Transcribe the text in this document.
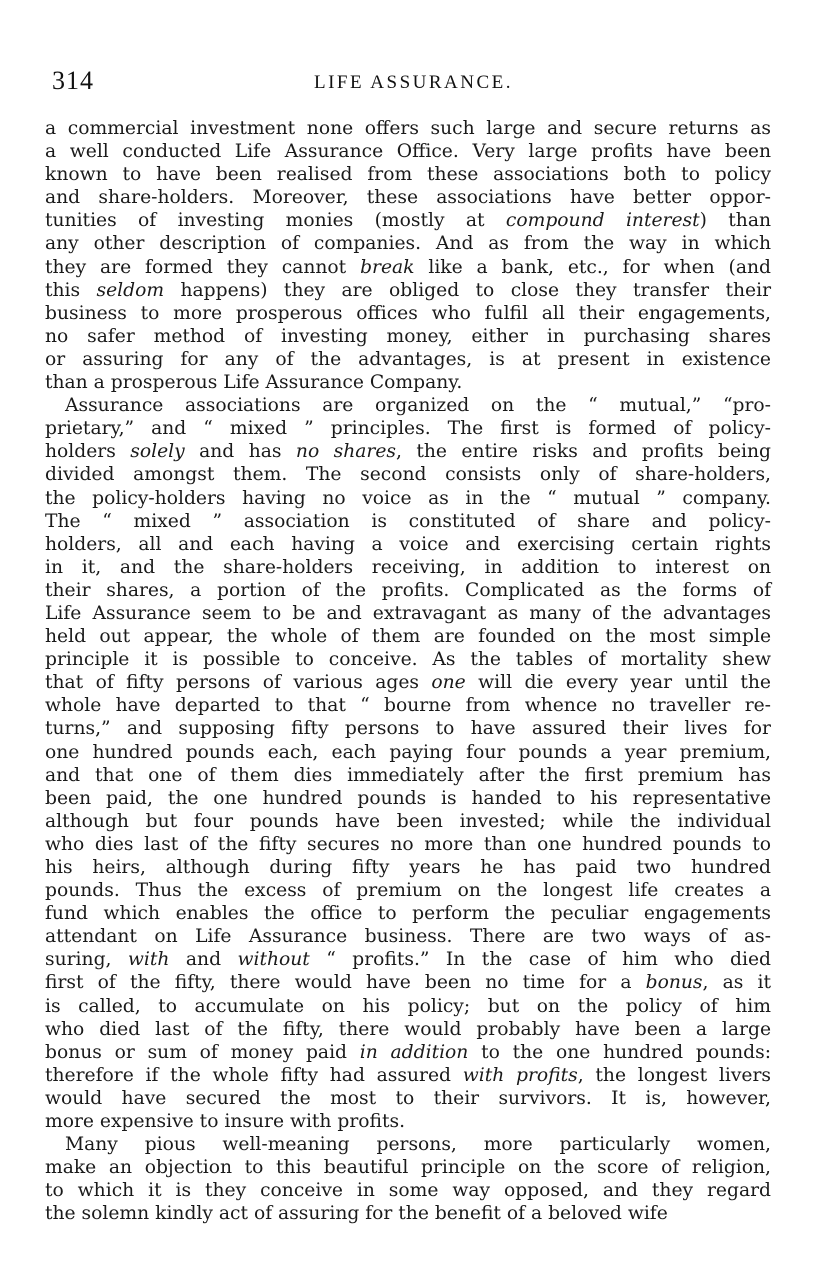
314	LIFE ASSURANCE.
a commercial investment none offers such large and secure returns as
a well conducted Life Assurance Office. Very large profits have been
known to have been realised from these associations both to policy
and share-holders. Moreover, these associations have better oppor-
tunities of investing monies (mostly at compound interest) than
any other description of companies. And as from the way in which
they are formed they cannot break like a bank, etc., for when (and
this seldom happens) they are obliged to close they transfer their
business to more prosperous offices who fulfil all their engagements,
no safer method of investing money, either in purchasing shares
or assuring for any of the advantages, is at present in existence
than a prosperous Life Assurance Company.
Assurance associations are organized on the “ mutual,” “pro-
prietary,” and “ mixed ” principles. The first is formed of policy-
holders solely and has no shares, the entire risks and profits being
divided amongst them. The second consists only of share-holders,
the policy-holders having no voice as in the “ mutual ” company.
The “ mixed ” association is constituted of share and policy-
holders, all and each having a voice and exercising certain rights
in it, and the share-holders receiving, in addition to interest on
their shares, a portion of the profits. Complicated as the forms of
Life Assurance seem to be and extravagant as many of the advantages
held out appear, the whole of them are founded on the most simple
principle it is possible to conceive. As the tables of mortality shew
that of fifty persons of various ages one will die every year until the
whole have departed to that “ bourne from whence no traveller re-
turns,” and supposing fifty persons to have assured their lives for
one hundred pounds each, each paying four pounds a year premium,
and that one of them dies immediately after the first premium has
been paid, the one hundred pounds is handed to his representative
although but four pounds have been invested; while the individual
who dies last of the fifty secures no more than one hundred pounds to
his heirs, although during fifty years he has paid two hundred
pounds. Thus the excess of premium on the longest life creates a
fund which enables the office to perform the peculiar engagements
attendant on Life Assurance business. There are two ways of as-
suring, with and without “ profits.” In the case of him who died
first of the fifty, there would have been no time for a bonus, as it
is called, to accumulate on his policy; but on the policy of him
who died last of the fifty, there would probably have been a large
bonus or sum of money paid in addition to the one hundred pounds:
therefore if the whole fifty had assured with profits, the longest livers
would have secured the most to their survivors. It is, however,
more expensive to insure with profits.
Many pious well-meaning persons, more particularly women,
make an objection to this beautiful principle on the score of religion,
to which it is they conceive in some way opposed, and they regard
the solemn kindly act of assuring for the benefit of a beloved wife
